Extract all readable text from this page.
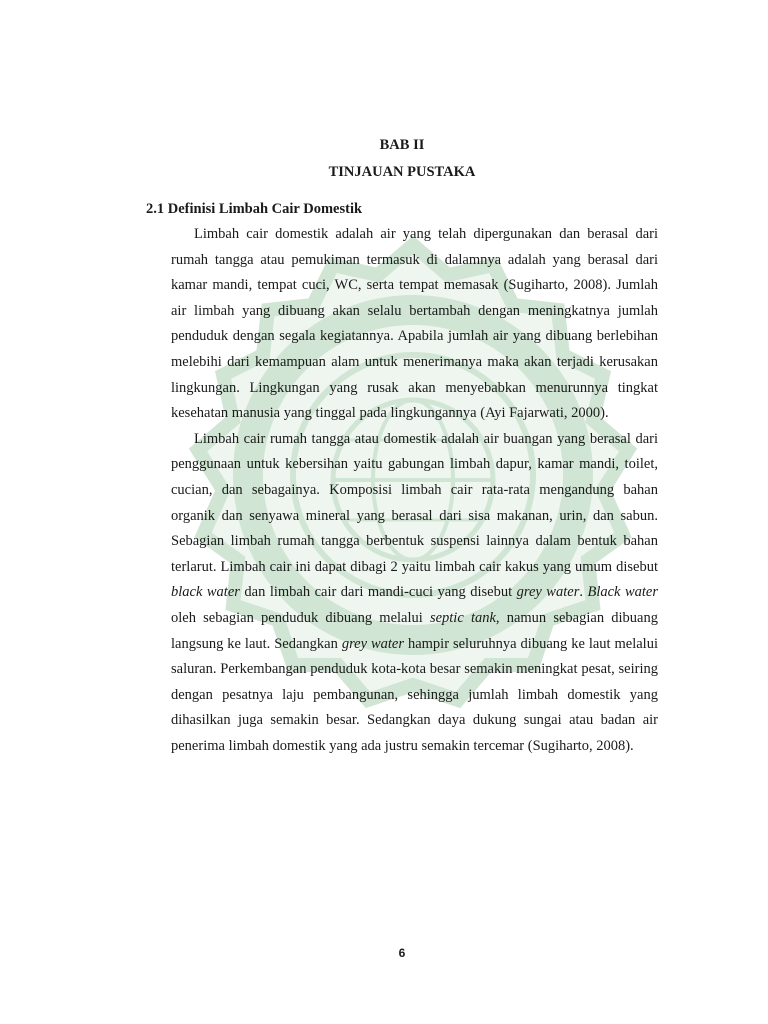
BAB II
TINJAUAN PUSTAKA
2.1 Definisi Limbah Cair Domestik

Limbah cair domestik adalah air yang telah dipergunakan dan berasal dari rumah tangga atau pemukiman termasuk di dalamnya adalah yang berasal dari kamar mandi, tempat cuci, WC, serta tempat memasak (Sugiharto, 2008). Jumlah air limbah yang dibuang akan selalu bertambah dengan meningkatnya jumlah penduduk dengan segala kegiatannya. Apabila jumlah air yang dibuang berlebihan melebihi dari kemampuan alam untuk menerimanya maka akan terjadi kerusakan lingkungan. Lingkungan yang rusak akan menyebabkan menurunnya tingkat kesehatan manusia yang tinggal pada lingkungannya (Ayi Fajarwati, 2000).

Limbah cair rumah tangga atau domestik adalah air buangan yang berasal dari penggunaan untuk kebersihan yaitu gabungan limbah dapur, kamar mandi, toilet, cucian, dan sebagainya. Komposisi limbah cair rata-rata mengandung bahan organik dan senyawa mineral yang berasal dari sisa makanan, urin, dan sabun. Sebagian limbah rumah tangga berbentuk suspensi lainnya dalam bentuk bahan terlarut. Limbah cair ini dapat dibagi 2 yaitu limbah cair kakus yang umum disebut black water dan limbah cair dari mandi-cuci yang disebut grey water. Black water oleh sebagian penduduk dibuang melalui septic tank, namun sebagian dibuang langsung ke laut. Sedangkan grey water hampir seluruhnya dibuang ke laut melalui saluran. Perkembangan penduduk kota-kota besar semakin meningkat pesat, seiring dengan pesatnya laju pembangunan, sehingga jumlah limbah domestik yang dihasilkan juga semakin besar. Sedangkan daya dukung sungai atau badan air penerima limbah domestik yang ada justru semakin tercemar (Sugiharto, 2008).

6
